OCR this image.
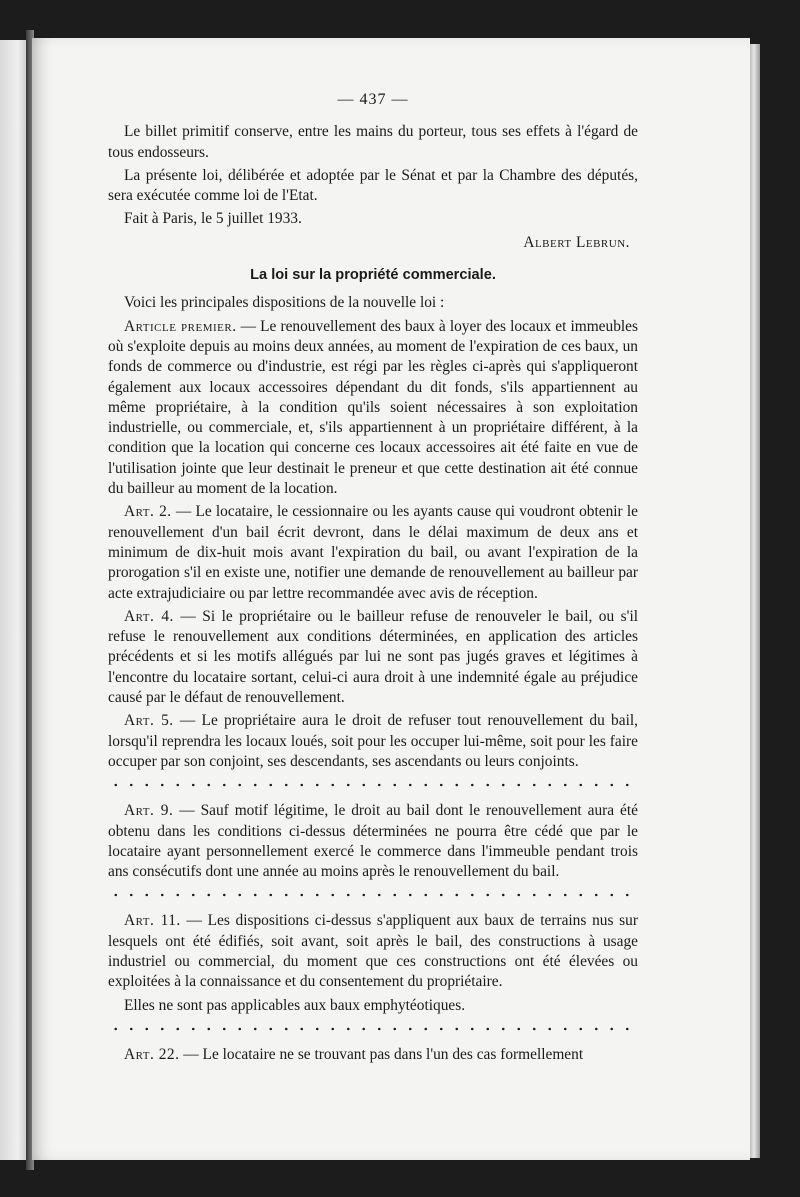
— 437 —

Le billet primitif conserve, entre les mains du porteur, tous ses effets à l'égard de tous endosseurs.

La présente loi, délibérée et adoptée par le Sénat et par la Chambre des députés, sera exécutée comme loi de l'Etat.

Fait à Paris, le 5 juillet 1933.

Albert Lebrun.
La loi sur la propriété commerciale.

Voici les principales dispositions de la nouvelle loi :

Article premier. — Le renouvellement des baux à loyer des locaux et immeubles où s'exploite depuis au moins deux années, au moment de l'expiration de ces baux, un fonds de commerce ou d'industrie, est régi par les règles ci-après qui s'appliqueront également aux locaux accessoires dépendant du dit fonds, s'ils appartiennent au même propriétaire, à la condition qu'ils soient nécessaires à son exploitation industrielle, ou commerciale, et, s'ils appartiennent à un propriétaire différent, à la condition que la location qui concerne ces locaux accessoires ait été faite en vue de l'utilisation jointe que leur destinait le preneur et que cette destination ait été connue du bailleur au moment de la location.

Art. 2. — Le locataire, le cessionnaire ou les ayants cause qui voudront obtenir le renouvellement d'un bail écrit devront, dans le délai maximum de deux ans et minimum de dix-huit mois avant l'expiration du bail, ou avant l'expiration de la prorogation s'il en existe une, notifier une demande de renouvellement au bailleur par acte extrajudiciaire ou par lettre recommandée avec avis de réception.

Art. 4. — Si le propriétaire ou le bailleur refuse de renouveler le bail, ou s'il refuse le renouvellement aux conditions déterminées, en application des articles précédents et si les motifs allégués par lui ne sont pas jugés graves et légitimes à l'encontre du locataire sortant, celui-ci aura droit à une indemnité égale au préjudice causé par le défaut de renouvellement.

Art. 5. — Le propriétaire aura le droit de refuser tout renouvellement du bail, lorsqu'il reprendra les locaux loués, soit pour les occuper lui-même, soit pour les faire occuper par son conjoint, ses descendants, ses ascendants ou leurs conjoints.

Art. 9. — Sauf motif légitime, le droit au bail dont le renouvellement aura été obtenu dans les conditions ci-dessus déterminées ne pourra être cédé que par le locataire ayant personnellement exercé le commerce dans l'immeuble pendant trois ans consécutifs dont une année au moins après le renouvellement du bail.

Art. 11. — Les dispositions ci-dessus s'appliquent aux baux de terrains nus sur lesquels ont été édifiés, soit avant, soit après le bail, des constructions à usage industriel ou commercial, du moment que ces constructions ont été élevées ou exploitées à la connaissance et du consentement du propriétaire.

Elles ne sont pas applicables aux baux emphytéotiques.

Art. 22. — Le locataire ne se trouvant pas dans l'un des cas formellement
